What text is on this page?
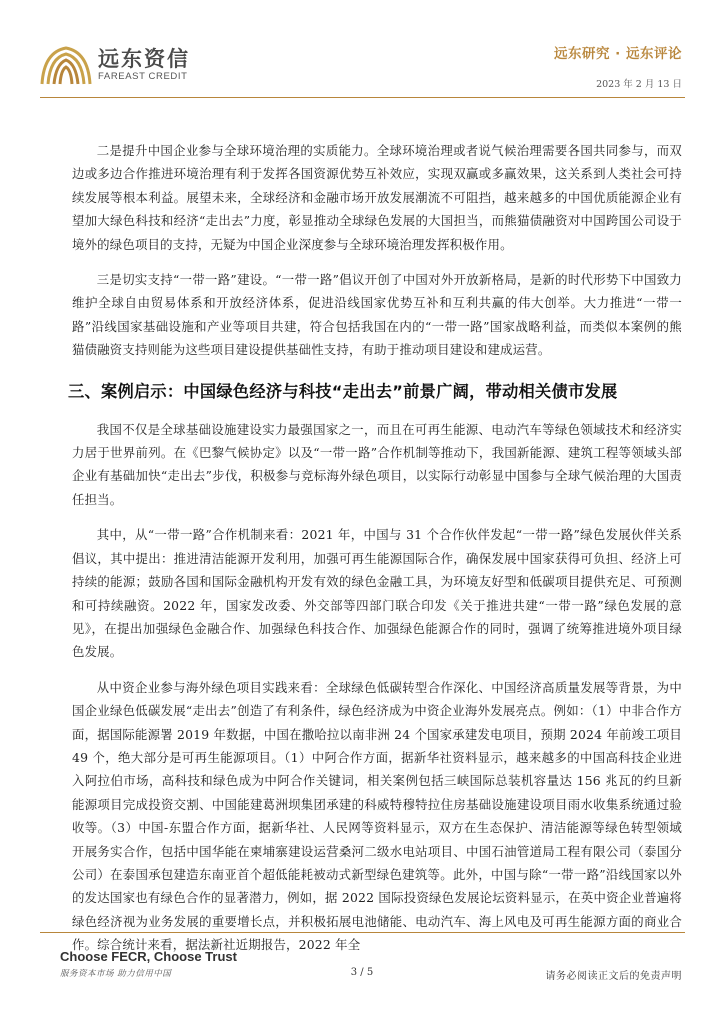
远东资信
FAREAST CREDIT
远东研究 · 远东评论
2023 年 2 月 13 日

二是提升中国企业参与全球环境治理的实质能力。全球环境治理或者说气候治理需要各国共同参与，而双边或多边合作推进环境治理有利于发挥各国资源优势互补效应，实现双赢或多赢效果，这关系到人类社会可持续发展等根本利益。展望未来，全球经济和金融市场开放发展潮流不可阻挡，越来越多的中国优质能源企业有望加大绿色科技和经济“走出去”力度，彰显推动全球绿色发展的大国担当，而熊猫债融资对中国跨国公司设于境外的绿色项目的支持，无疑为中国企业深度参与全球环境治理发挥积极作用。

三是切实支持“一带一路”建设。“一带一路”倡议开创了中国对外开放新格局，是新的时代形势下中国致力维护全球自由贸易体系和开放经济体系，促进沿线国家优势互补和互利共赢的伟大创举。大力推进“一带一路”沿线国家基础设施和产业等项目共建，符合包括我国在内的“一带一路”国家战略利益，而类似本案例的熊猫债融资支持则能为这些项目建设提供基础性支持，有助于推动项目建设和建成运营。

三、案例启示：中国绿色经济与科技“走出去”前景广阔，带动相关债市发展

我国不仅是全球基础设施建设实力最强国家之一，而且在可再生能源、电动汽车等绿色领域技术和经济实力居于世界前列。在《巴黎气候协定》以及“一带一路”合作机制等推动下，我国新能源、建筑工程等领域头部企业有基础加快“走出去”步伐，积极参与竞标海外绿色项目，以实际行动彰显中国参与全球气候治理的大国责任担当。

其中，从“一带一路”合作机制来看：2021 年，中国与 31 个合作伙伴发起“一带一路”绿色发展伙伴关系倡议，其中提出：推进清洁能源开发利用，加强可再生能源国际合作，确保发展中国家获得可负担、经济上可持续的能源；鼓励各国和国际金融机构开发有效的绿色金融工具，为环境友好型和低碳项目提供充足、可预测和可持续融资。2022 年，国家发改委、外交部等四部门联合印发《关于推进共建“一带一路”绿色发展的意见》，在提出加强绿色金融合作、加强绿色科技合作、加强绿色能源合作的同时，强调了统筹推进境外项目绿色发展。

从中资企业参与海外绿色项目实践来看：全球绿色低碳转型合作深化、中国经济高质量发展等背景，为中国企业绿色低碳发展“走出去”创造了有利条件，绿色经济成为中资企业海外发展亮点。例如：（1）中非合作方面，据国际能源署 2019 年数据，中国在撒哈拉以南非洲 24 个国家承建发电项目，预期 2024 年前竣工项目 49 个，绝大部分是可再生能源项目。（1）中阿合作方面，据新华社资料显示，越来越多的中国高科技企业进入阿拉伯市场，高科技和绿色成为中阿合作关键词，相关案例包括三峡国际总装机容量达 156 兆瓦的约旦新能源项目完成投资交割、中国能建葛洲坝集团承建的科威特穆特拉住房基础设施建设项目雨水收集系统通过验收等。（3）中国-东盟合作方面，据新华社、人民网等资料显示，双方在生态保护、清洁能源等绿色转型领域开展务实合作，包括中国华能在柬埔寨建设运营桑河二级水电站项目、中国石油管道局工程有限公司（泰国分公司）在泰国承包建造东南亚首个超低能耗被动式新型绿色建筑等。此外，中国与除“一带一路”沿线国家以外的发达国家也有绿色合作的显著潜力，例如，据 2022 国际投资绿色发展论坛资料显示，在英中资企业普遍将绿色经济视为业务发展的重要增长点，并积极拓展电池储能、电动汽车、海上风电及可再生能源方面的商业合作。综合统计来看，据法新社近期报告，2022 年全

Choose FECR, Choose Trust
服务资本市场 助力信用中国	3 / 5	请务必阅读正文后的免责声明
